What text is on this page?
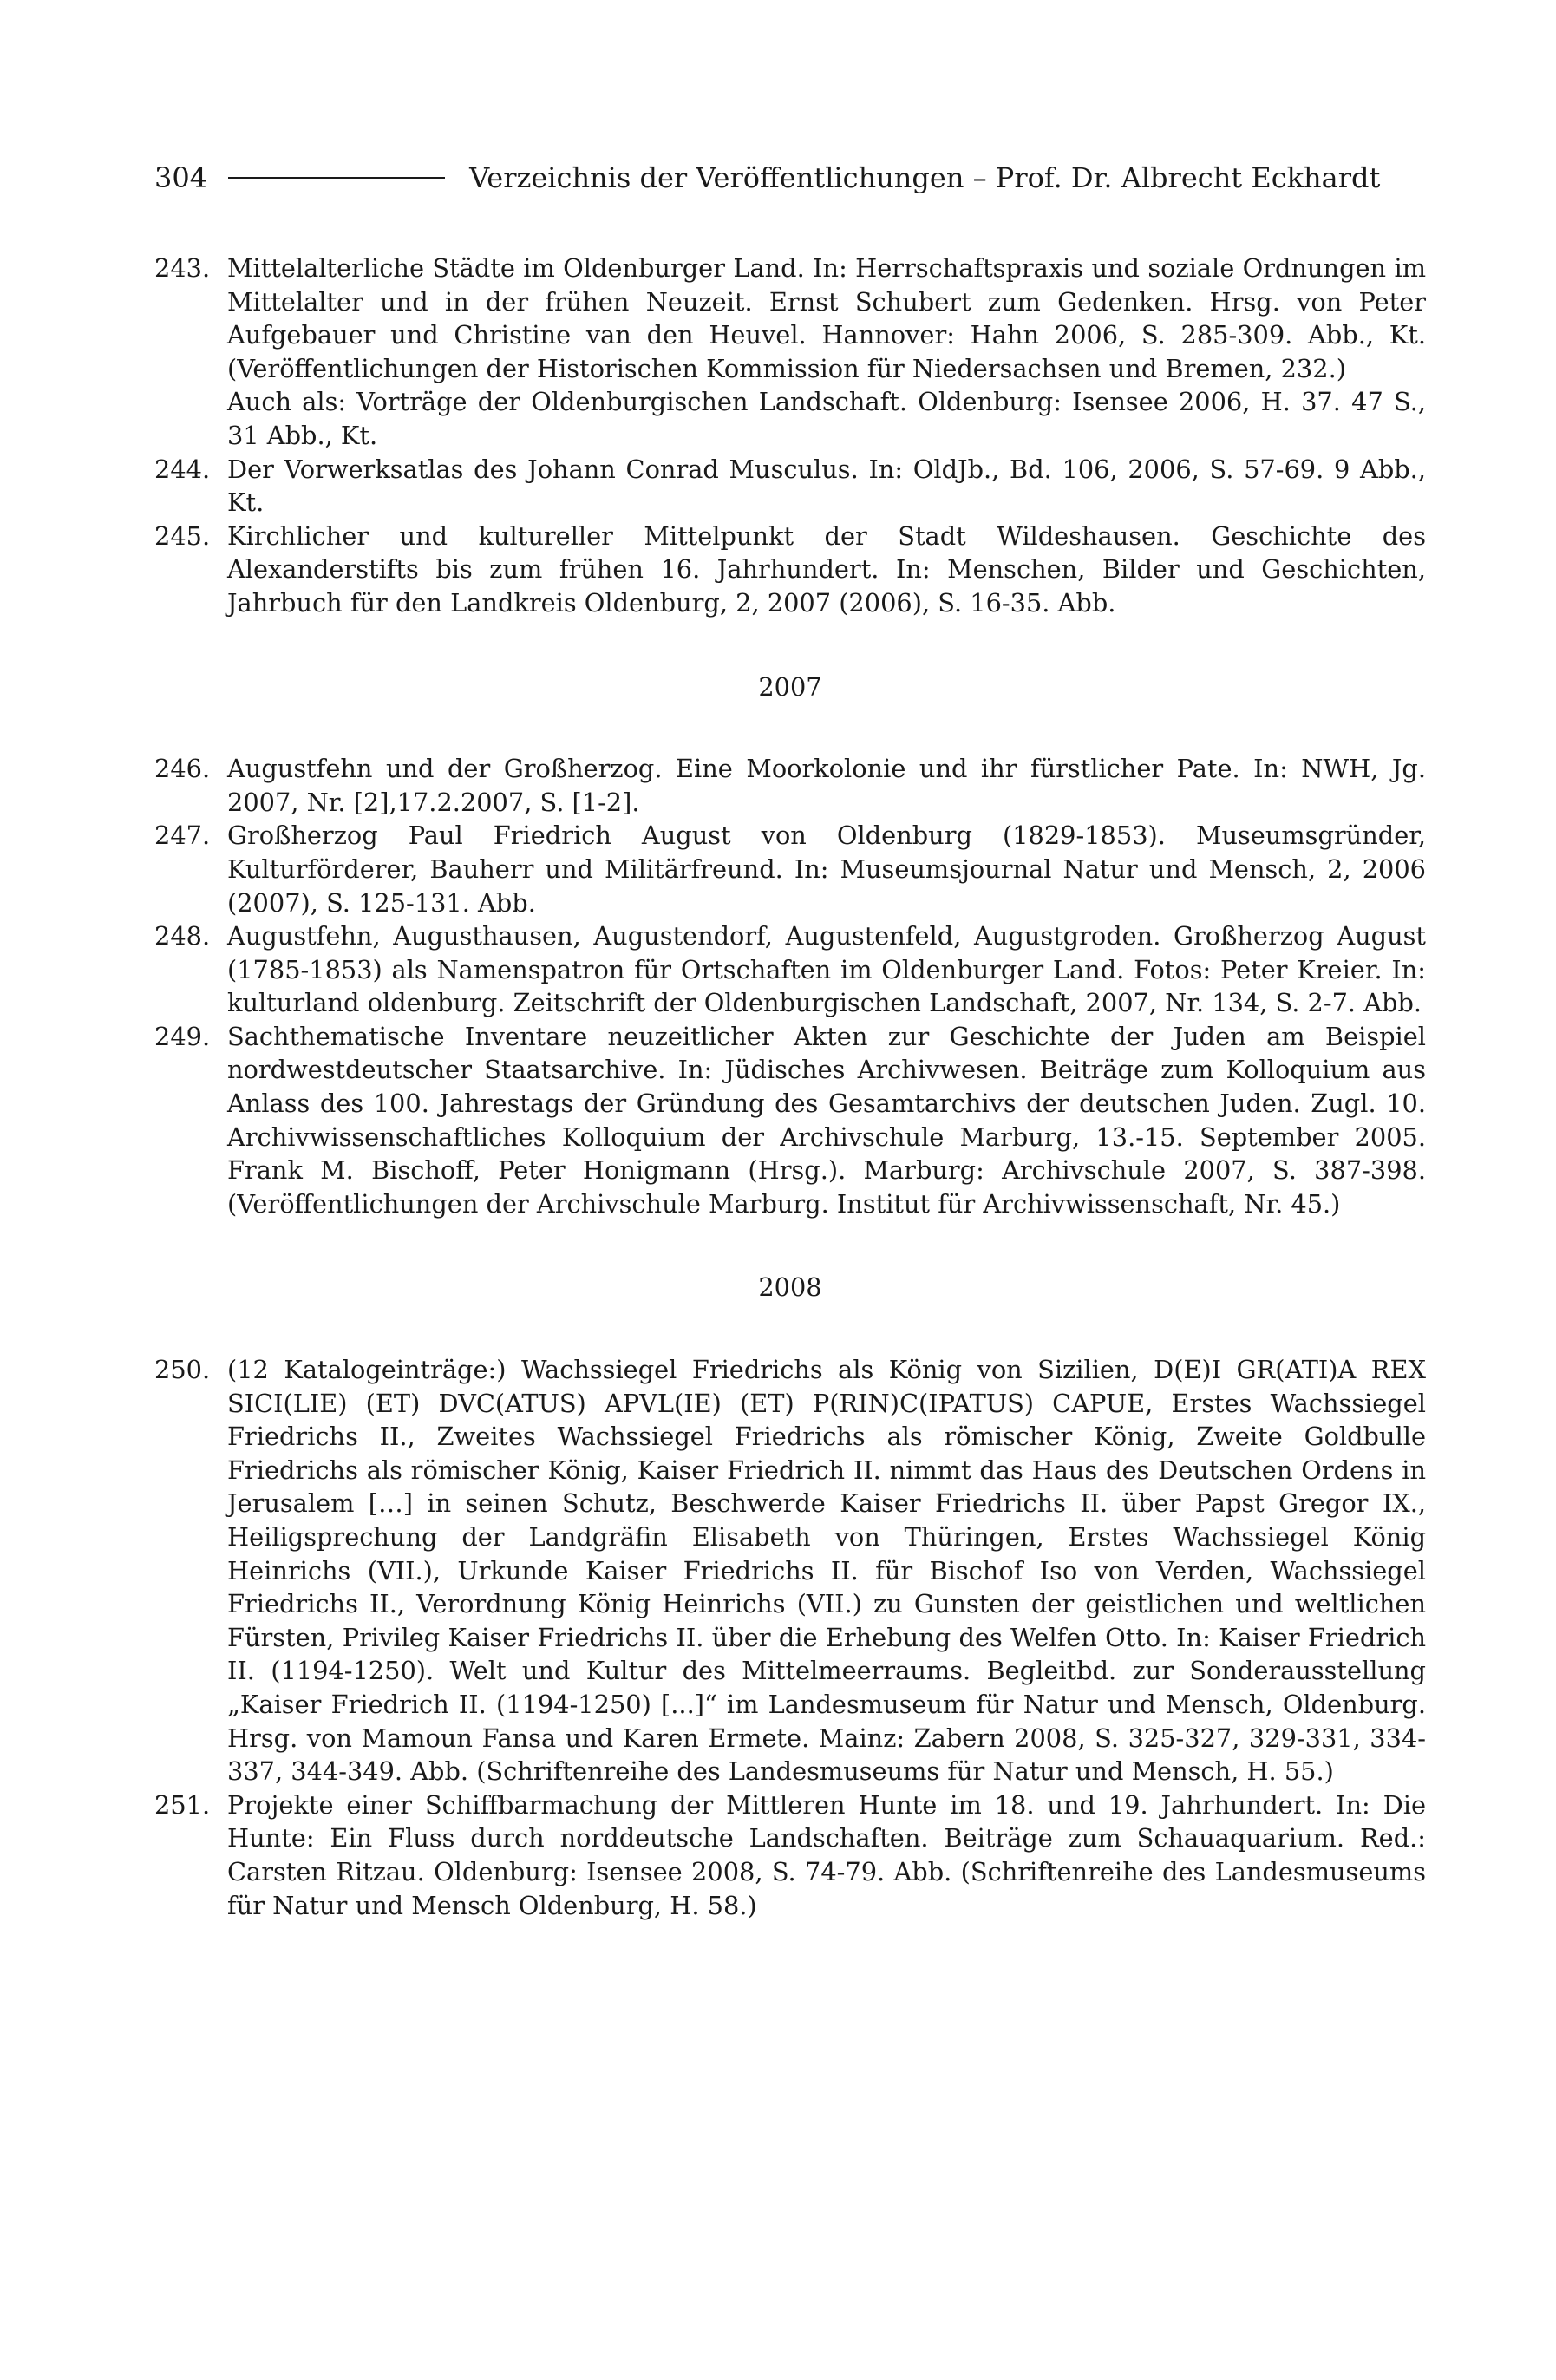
304	Verzeichnis der Veröffentlichungen – Prof. Dr. Albrecht Eckhardt
243. Mittelalterliche Städte im Oldenburger Land. In: Herrschaftspraxis und soziale Ordnungen im Mittelalter und in der frühen Neuzeit. Ernst Schubert zum Gedenken. Hrsg. von Peter Aufgebauer und Christine van den Heuvel. Hannover: Hahn 2006, S. 285-309. Abb., Kt. (Veröffentlichungen der Historischen Kommission für Niedersachsen und Bremen, 232.)
Auch als: Vorträge der Oldenburgischen Landschaft. Oldenburg: Isensee 2006, H. 37. 47 S., 31 Abb., Kt.
244. Der Vorwerksatlas des Johann Conrad Musculus. In: OldJb., Bd. 106, 2006, S. 57-69. 9 Abb., Kt.
245. Kirchlicher und kultureller Mittelpunkt der Stadt Wildeshausen. Geschichte des Alexanderstifts bis zum frühen 16. Jahrhundert. In: Menschen, Bilder und Geschichten, Jahrbuch für den Landkreis Oldenburg, 2, 2007 (2006), S. 16-35. Abb.
2007
246. Augustfehn und der Großherzog. Eine Moorkolonie und ihr fürstlicher Pate. In: NWH, Jg. 2007, Nr. [2],17.2.2007, S. [1-2].
247. Großherzog Paul Friedrich August von Oldenburg (1829-1853). Museumsgründer, Kulturförderer, Bauherr und Militärfreund. In: Museumsjournal Natur und Mensch, 2, 2006 (2007), S. 125-131. Abb.
248. Augustfehn, Augusthausen, Augustendorf, Augustenfeld, Augustgroden. Großherzog August (1785-1853) als Namenspatron für Ortschaften im Oldenburger Land. Fotos: Peter Kreier. In: kulturland oldenburg. Zeitschrift der Oldenburgischen Landschaft, 2007, Nr. 134, S. 2-7. Abb.
249. Sachthematische Inventare neuzeitlicher Akten zur Geschichte der Juden am Beispiel nordwestdeutscher Staatsarchive. In: Jüdisches Archivwesen. Beiträge zum Kolloquium aus Anlass des 100. Jahrestags der Gründung des Gesamtarchivs der deutschen Juden. Zugl. 10. Archivwissenschaftliches Kolloquium der Archivschule Marburg, 13.-15. September 2005. Frank M. Bischoff, Peter Honigmann (Hrsg.). Marburg: Archivschule 2007, S. 387-398. (Veröffentlichungen der Archivschule Marburg. Institut für Archivwissenschaft, Nr. 45.)
2008
250. (12 Katalogeinträge:) Wachssiegel Friedrichs als König von Sizilien, D(E)I GR(ATI)A REX SICI(LIE) (ET) DVC(ATUS) APVL(IE) (ET) P(RIN)C(IPATUS) CAPUE, Erstes Wachssiegel Friedrichs II., Zweites Wachssiegel Friedrichs als römischer König, Zweite Goldbulle Friedrichs als römischer König, Kaiser Friedrich II. nimmt das Haus des Deutschen Ordens in Jerusalem […] in seinen Schutz, Beschwerde Kaiser Friedrichs II. über Papst Gregor IX., Heiligsprechung der Landgräfin Elisabeth von Thüringen, Erstes Wachssiegel König Heinrichs (VII.), Urkunde Kaiser Friedrichs II. für Bischof Iso von Verden, Wachssiegel Friedrichs II., Verordnung König Heinrichs (VII.) zu Gunsten der geistlichen und weltlichen Fürsten, Privileg Kaiser Friedrichs II. über die Erhebung des Welfen Otto. In: Kaiser Friedrich II. (1194-1250). Welt und Kultur des Mittelmeerraums. Begleitbd. zur Sonderausstellung „Kaiser Friedrich II. (1194-1250) [...]“ im Landesmuseum für Natur und Mensch, Oldenburg. Hrsg. von Mamoun Fansa und Karen Ermete. Mainz: Zabern 2008, S. 325-327, 329-331, 334-337, 344-349. Abb. (Schriftenreihe des Landesmuseums für Natur und Mensch, H. 55.)
251. Projekte einer Schiffbarmachung der Mittleren Hunte im 18. und 19. Jahrhundert. In: Die Hunte: Ein Fluss durch norddeutsche Landschaften. Beiträge zum Schauaquarium. Red.: Carsten Ritzau. Oldenburg: Isensee 2008, S. 74-79. Abb. (Schriftenreihe des Landesmuseums für Natur und Mensch Oldenburg, H. 58.)
